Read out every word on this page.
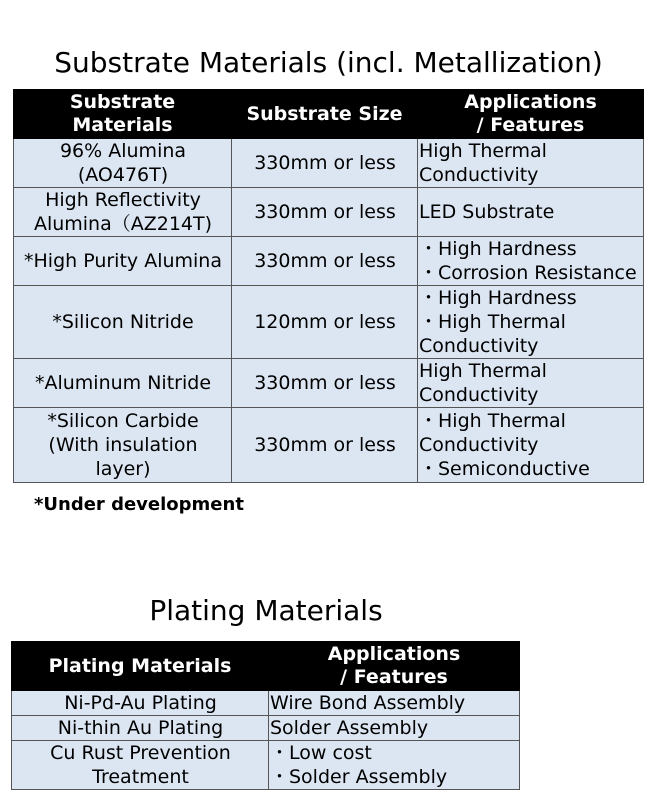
Substrate Materials (incl. Metallization)
Substrate Materials	Substrate Size	Applications
/ Features

96% Alumina
(AO476T)	330mm or less	High Thermal
Conductivity

High Reflectivity
Alumina（AZ214T)	330mm or less	LED Substrate

*High Purity Alumina	330mm or less	・High Hardness
・Corrosion Resistance

*Silicon Nitride	120mm or less	・High Hardness
・High Thermal
Conductivity

*Aluminum Nitride	330mm or less	High Thermal
Conductivity

*Silicon Carbide
(With insulation
layer)	330mm or less	・High Thermal
Conductivity
・Semiconductive
*Under development
Plating Materials
Plating Materials	Applications
/ Features

Ni-Pd-Au Plating	Wire Bond Assembly

Ni-thin Au Plating	Solder Assembly

Cu Rust Prevention
Treatment	・Low cost
・Solder Assembly
